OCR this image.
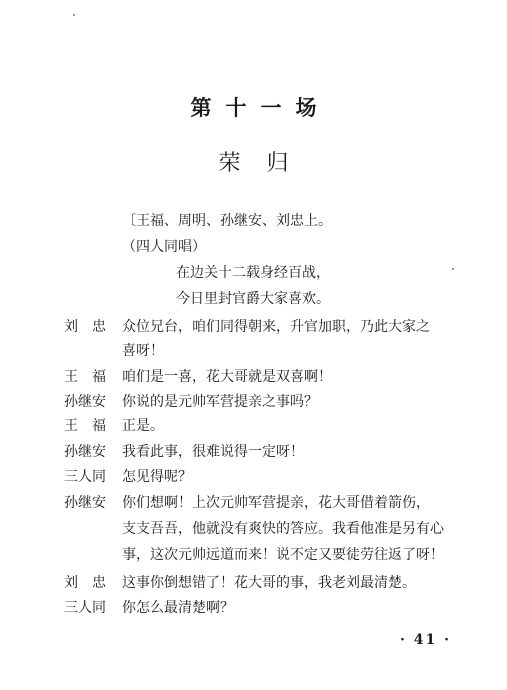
第十一场
荣归
〔王福、周明、孙继安、刘忠上。
（四人同唱）
在边关十二载身经百战，
今日里封官爵大家喜欢。
刘　忠	众位兄台，咱们同得朝来，升官加职，乃此大家之
喜呀！
王　福	咱们是一喜，花大哥就是双喜啊！
孙继安	你说的是元帅军营提亲之事吗？
王　福	正是。
孙继安	我看此事，很难说得一定呀！
三人同	怎见得呢？
孙继安	你们想啊！上次元帅军营提亲，花大哥借着箭伤，
支支吾吾，他就没有爽快的答应。我看他准是另有心
事，这次元帅远道而来！说不定又要徒劳往返了呀！
刘　忠	这事你倒想错了！花大哥的事，我老刘最清楚。
三人同	你怎么最清楚啊？
· 41 ·
